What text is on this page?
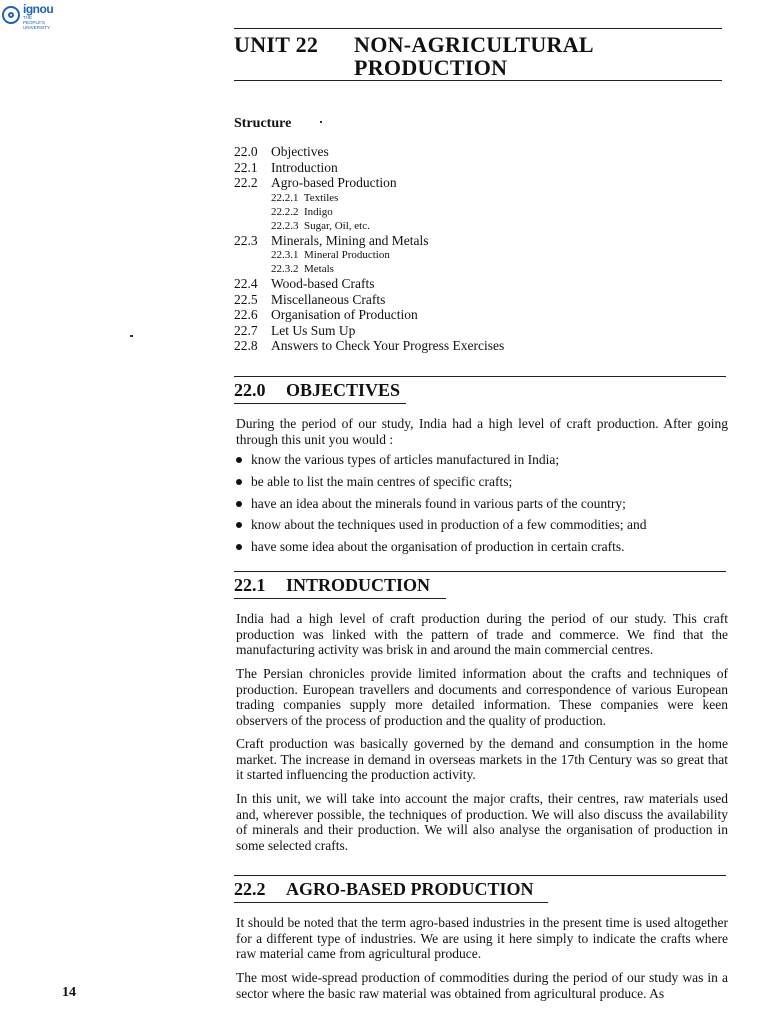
ignou
THE PEOPLE'S UNIVERSITY
UNIT 22 NON-AGRICULTURAL
PRODUCTION
Structure
22.0 Objectives
22.1 Introduction
22.2 Agro-based Production
22.2.1  Textiles
22.2.2  Indigo
22.2.3  Sugar, Oil, etc.
22.3 Minerals, Mining and Metals
22.3.1  Mineral Production
22.3.2  Metals
22.4 Wood-based Crafts
22.5 Miscellaneous Crafts
22.6 Organisation of Production
22.7 Let Us Sum Up
22.8 Answers to Check Your Progress Exercises
22.0 OBJECTIVES
During the period of our study, India had a high level of craft production. After going through this unit you would :
know the various types of articles manufactured in India;
be able to list the main centres of specific crafts;
have an idea about the minerals found in various parts of the country;
know about the techniques used in production of a few commodities; and
have some idea about the organisation of production in certain crafts.
22.1 INTRODUCTION
India had a high level of craft production during the period of our study. This craft production was linked with the pattern of trade and commerce. We find that the manufacturing activity was brisk in and around the main commercial centres.
The Persian chronicles provide limited information about the crafts and techniques of production. European travellers and documents and correspondence of various European trading companies supply more detailed information. These companies were keen observers of the process of production and the quality of production.
Craft production was basically governed by the demand and consumption in the home market. The increase in demand in overseas markets in the 17th Century was so great that it started influencing the production activity.
In this unit, we will take into account the major crafts, their centres, raw materials used and, wherever possible, the techniques of production. We will also discuss the availability of minerals and their production. We will also analyse the organisation of production in some selected crafts.
22.2 AGRO-BASED PRODUCTION
It should be noted that the term agro-based industries in the present time is used altogether for a different type of industries. We are using it here simply to indicate the crafts where raw material came from agricultural produce.
The most wide-spread production of commodities during the period of our study was in a sector where the basic raw material was obtained from agricultural produce. As
14
